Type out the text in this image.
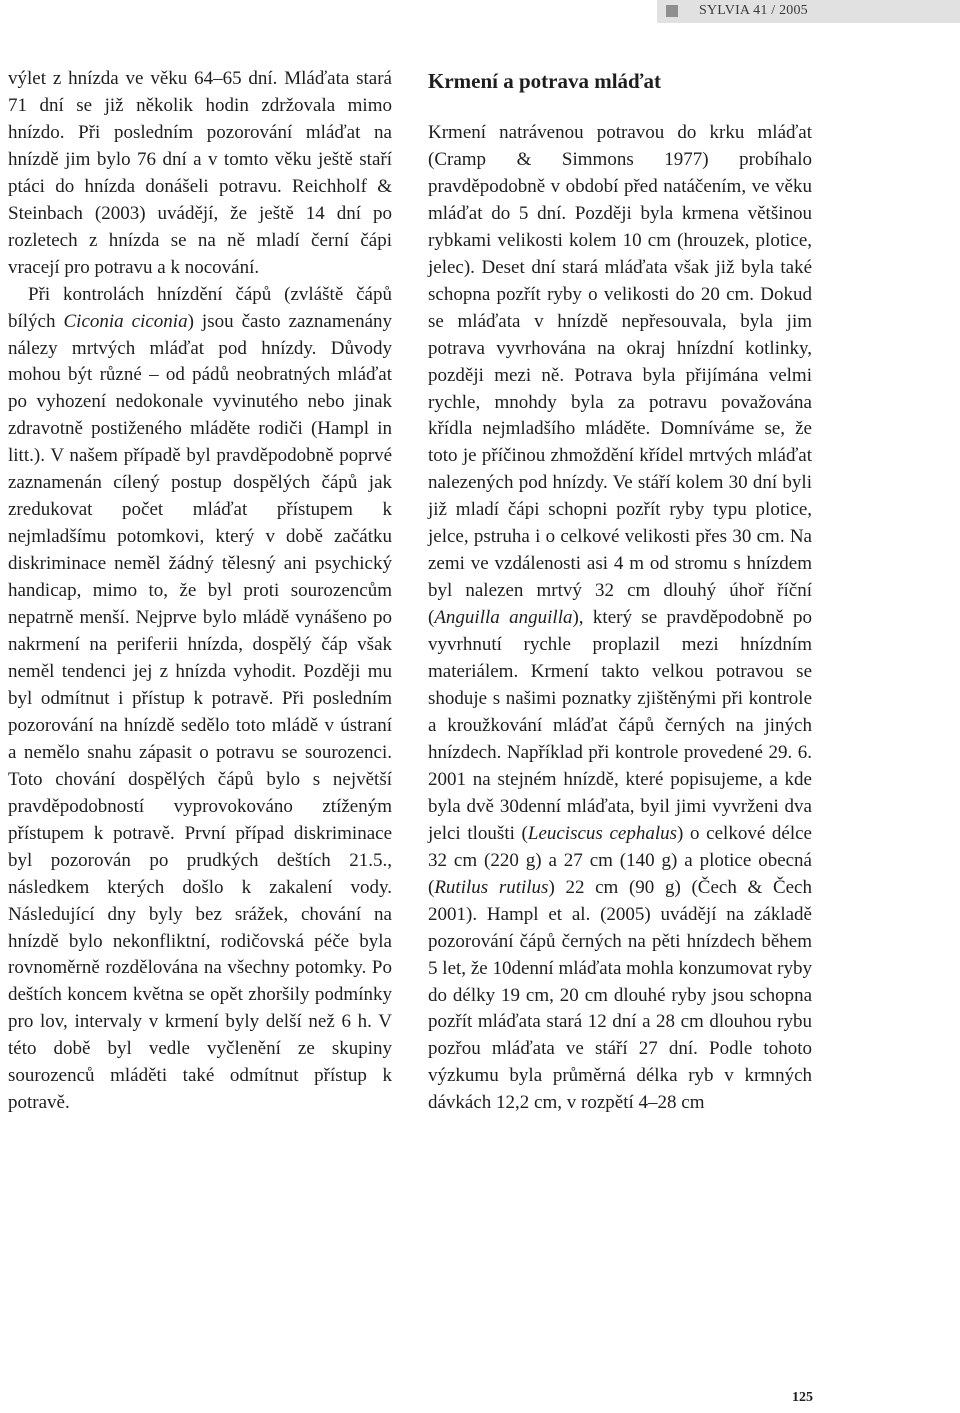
SYLVIA 41 / 2005

výlet z hnízda ve věku 64–65 dní. Mláďata stará 71 dní se již několik hodin zdržovala mimo hnízdo. Při posledním pozorování mláďat na hnízdě jim bylo 76 dní a v tomto věku ještě staří ptáci do hnízda donášeli potravu. Reichholf & Steinbach (2003) uvádějí, že ještě 14 dní po rozletech z hnízda se na ně mladí černí čápi vracejí pro potravu a k nocování.

Při kontrolách hnízdění čápů (zvláště čápů bílých Ciconia ciconia) jsou často zaznamenány nálezy mrtvých mláďat pod hnízdy. Důvody mohou být různé – od pádů neobratných mláďat po vyhození nedokonale vyvinutého nebo jinak zdravotně postiženého mláděte rodiči (Hampl in litt.). V našem případě byl pravděpodobně poprvé zaznamenán cílený postup dospělých čápů jak zredukovat počet mláďat přístupem k nejmladšímu potomkovi, který v době začátku diskriminace neměl žádný tělesný ani psychický handicap, mimo to, že byl proti sourozencům nepatrně menší. Nejprve bylo mládě vynášeno po nakrmení na periferii hnízda, dospělý čáp však neměl tendenci jej z hnízda vyhodit. Později mu byl odmítnut i přístup k potravě. Při posledním pozorování na hnízdě sedělo toto mládě v ústraní a nemělo snahu zápasit o potravu se sourozenci. Toto chování dospělých čápů bylo s největší pravděpodobností vyprovokováno ztíženým přístupem k potravě. První případ diskriminace byl pozorován po prudkých deštích 21.5., následkem kterých došlo k zakalení vody. Následující dny byly bez srážek, chování na hnízdě bylo nekonfliktní, rodičovská péče byla rovnoměrně rozdělována na všechny potomky. Po deštích koncem května se opět zhoršily podmínky pro lov, intervaly v krmení byly delší než 6 h. V této době byl vedle vyčlenění ze skupiny sourozenců mláděti také odmítnut přístup k potravě.

Krmení a potrava mláďat

Krmení natrávenou potravou do krku mláďat (Cramp & Simmons 1977) probíhalo pravděpodobně v období před natáčením, ve věku mláďat do 5 dní. Později byla krmena většinou rybkami velikosti kolem 10 cm (hrouzek, plotice, jelec). Deset dní stará mláďata však již byla také schopna pozřít ryby o velikosti do 20 cm. Dokud se mláďata v hnízdě nepřesouvala, byla jim potrava vyvrhována na okraj hnízdní kotlinky, později mezi ně. Potrava byla přijímána velmi rychle, mnohdy byla za potravu považována křídla nejmladšího mláděte. Domníváme se, že toto je příčinou zhmoždění křídel mrtvých mláďat nalezených pod hnízdy. Ve stáří kolem 30 dní byli již mladí čápi schopni pozřít ryby typu plotice, jelce, pstruha i o celkové velikosti přes 30 cm. Na zemi ve vzdálenosti asi 4 m od stromu s hnízdem byl nalezen mrtvý 32 cm dlouhý úhoř říční (Anguilla anguilla), který se pravděpodobně po vyvrhnutí rychle proplazil mezi hnízdním materiálem. Krmení takto velkou potravou se shoduje s našimi poznatky zjištěnými při kontrole a kroužkování mláďat čápů černých na jiných hnízdech. Například při kontrole provedené 29. 6. 2001 na stejném hnízdě, které popisujeme, a kde byla dvě 30denní mláďata, byil jimi vyvrženi dva jelci tloušti (Leuciscus cephalus) o celkové délce 32 cm (220 g) a 27 cm (140 g) a plotice obecná (Rutilus rutilus) 22 cm (90 g) (Čech & Čech 2001). Hampl et al. (2005) uvádějí na základě pozorování čápů černých na pěti hnízdech během 5 let, že 10denní mláďata mohla konzumovat ryby do délky 19 cm, 20 cm dlouhé ryby jsou schopna pozřít mláďata stará 12 dní a 28 cm dlouhou rybu pozřou mláďata ve stáří 27 dní. Podle tohoto výzkumu byla průměrná délka ryb v krmných dávkách 12,2 cm, v rozpětí 4–28 cm

125
